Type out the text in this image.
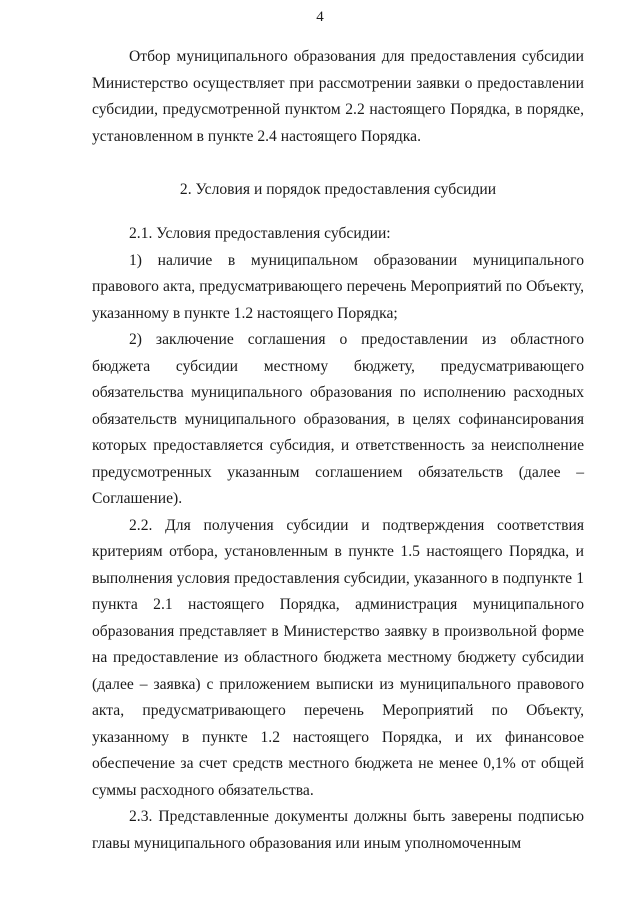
4

Отбор муниципального образования для предоставления субсидии Министерство осуществляет при рассмотрении заявки о предоставлении субсидии, предусмотренной пунктом 2.2 настоящего Порядка, в порядке, установленном в пункте 2.4 настоящего Порядка.

2. Условия и порядок предоставления субсидии

2.1. Условия предоставления субсидии:

1) наличие в муниципальном образовании муниципального правового акта, предусматривающего перечень Мероприятий по Объекту, указанному в пункте 1.2 настоящего Порядка;

2) заключение соглашения о предоставлении из областного бюджета субсидии местному бюджету, предусматривающего обязательства муниципального образования по исполнению расходных обязательств муниципального образования, в целях софинансирования которых предоставляется субсидия, и ответственность за неисполнение предусмотренных указанным соглашением обязательств (далее – Соглашение).

2.2. Для получения субсидии и подтверждения соответствия критериям отбора, установленным в пункте 1.5 настоящего Порядка, и выполнения условия предоставления субсидии, указанного в подпункте 1 пункта 2.1 настоящего Порядка, администрация муниципального образования представляет в Министерство заявку в произвольной форме на предоставление из областного бюджета местному бюджету субсидии (далее – заявка) с приложением выписки из муниципального правового акта, предусматривающего перечень Мероприятий по Объекту, указанному в пункте 1.2 настоящего Порядка, и их финансовое обеспечение за счет средств местного бюджета не менее 0,1% от общей суммы расходного обязательства.

2.3. Представленные документы должны быть заверены подписью главы муниципального образования или иным уполномоченным
